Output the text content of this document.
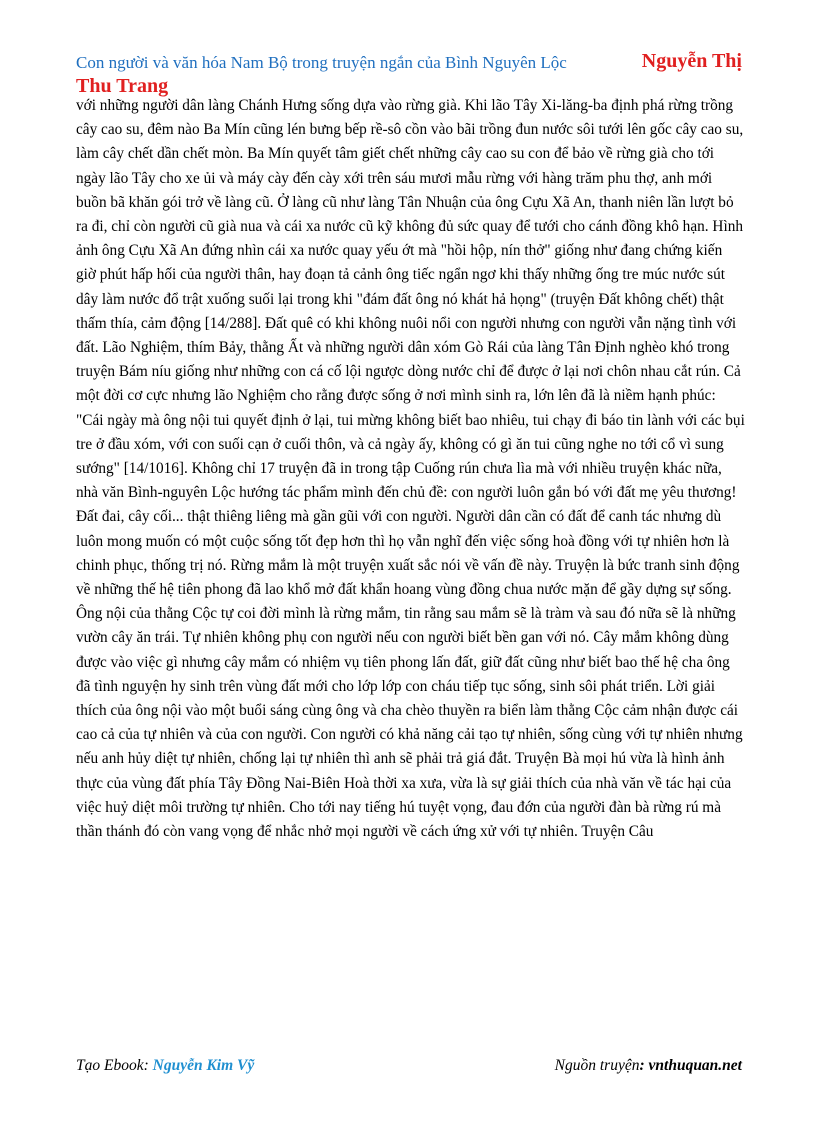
Con người và văn hóa Nam Bộ trong truyện ngắn của Bình Nguyên Lộc	Nguyễn Thị
Thu Trang

với những người dân làng Chánh Hưng sống dựa vào rừng già. Khi lão Tây Xi-lăng-ba định phá rừng trồng cây cao su, đêm nào Ba Mín cũng lén bưng bếp rề-sô cồn vào bãi trồng đun nước sôi tưới lên gốc cây cao su, làm cây chết dần chết mòn. Ba Mín quyết tâm giết chết những cây cao su con để bảo về rừng già cho tới ngày lão Tây cho xe ủi và máy cày đến cày xới trên sáu mươi mẫu rừng với hàng trăm phu thợ, anh mới buồn bã khăn gói trở về làng cũ. Ở làng cũ như làng Tân Nhuận của ông Cựu Xã An, thanh niên lần lượt bỏ ra đi, chỉ còn người cũ già nua và cái xa nước cũ kỹ không đủ sức quay để tưới cho cánh đồng khô hạn. Hình ảnh ông Cựu Xã An đứng nhìn cái xa nước quay yếu ớt mà "hồi hộp, nín thở" giống như đang chứng kiến giờ phút hấp hối của người thân, hay đoạn tả cảnh ông tiếc ngẩn ngơ khi thấy những ống tre múc nước sút dây làm nước đổ trật xuống suối lại trong khi "đám đất ông nó khát hả họng" (truyện Đất không chết) thật thấm thía, cảm động [14/288]. Đất quê có khi không nuôi nổi con người nhưng con người vẫn nặng tình với đất. Lão Nghiệm, thím Bảy, thằng Ất và những người dân xóm Gò Rái của làng Tân Định nghèo khó trong truyện Bám níu giống như những con cá cố lội ngược dòng nước chỉ để được ở lại nơi chôn nhau cắt rún. Cả một đời cơ cực nhưng lão Nghiệm cho rằng được sống ở nơi mình sinh ra, lớn lên đã là niềm hạnh phúc: "Cái ngày mà ông nội tui quyết định ở lại, tui mừng không biết bao nhiêu, tui chạy đi báo tin lành với các bụi tre ở đầu xóm, với con suối cạn ở cuối thôn, và cả ngày ấy, không có gì ăn tui cũng nghe no tới cổ vì sung sướng" [14/1016]. Không chỉ 17 truyện đã in trong tập Cuống rún chưa lìa mà với nhiều truyện khác nữa, nhà văn Bình-nguyên Lộc hướng tác phẩm mình đến chủ đề: con người luôn gắn bó với đất mẹ yêu thương!

Đất đai, cây cối... thật thiêng liêng mà gần gũi với con người. Người dân cần có đất để canh tác nhưng dù luôn mong muốn có một cuộc sống tốt đẹp hơn thì họ vẫn nghĩ đến việc sống hoà đồng với tự nhiên hơn là chinh phục, thống trị nó. Rừng mắm là một truyện xuất sắc nói về vấn đề này. Truyện là bức tranh sinh động về những thế hệ tiên phong đã lao khổ mở đất khẩn hoang vùng đồng chua nước mặn để gầy dựng sự sống. Ông nội của thằng Cộc tự coi đời mình là rừng mắm, tin rằng sau mắm sẽ là tràm và sau đó nữa sẽ là những vườn cây ăn trái. Tự nhiên không phụ con người nếu con người biết bền gan với nó. Cây mắm không dùng được vào việc gì nhưng cây mắm có nhiệm vụ tiên phong lấn đất, giữ đất cũng như biết bao thế hệ cha ông đã tình nguyện hy sinh trên vùng đất mới cho lớp lớp con cháu tiếp tục sống, sinh sôi phát triển. Lời giải thích của ông nội vào một buổi sáng cùng ông và cha chèo thuyền ra biển làm thằng Cộc cảm nhận được cái cao cả của tự nhiên và của con người. Con người có khả năng cải tạo tự nhiên, sống cùng với tự nhiên nhưng nếu anh hủy diệt tự nhiên, chống lại tự nhiên thì anh sẽ phải trả giá đắt. Truyện Bà mọi hú vừa là hình ảnh thực của vùng đất phía Tây Đồng Nai-Biên Hoà thời xa xưa, vừa là sự giải thích của nhà văn về tác hại của việc huỷ diệt môi trường tự nhiên. Cho tới nay tiếng hú tuyệt vọng, đau đớn của người đàn bà rừng rú mà thần thánh đó còn vang vọng để nhắc nhở mọi người về cách ứng xử với tự nhiên. Truyện Câu

Tạo Ebook: Nguyễn Kim Vỹ	Nguồn truyện: vnthuquan.net
